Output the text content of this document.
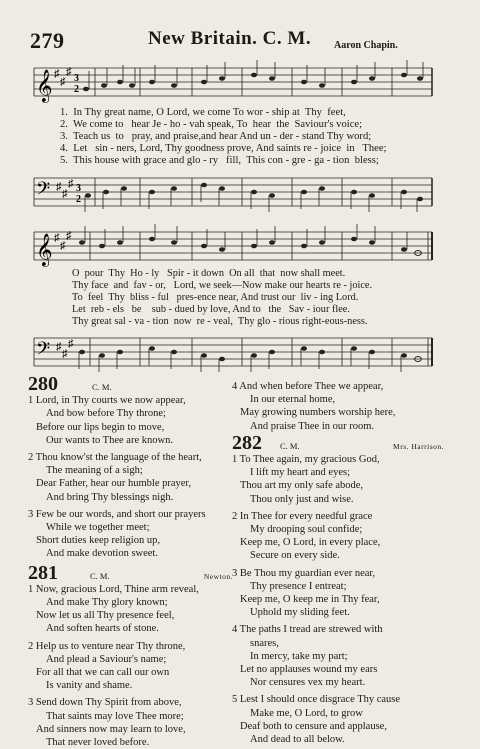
279	New Britain. C. M. Aaron Chapin.
𝄞 ♯
♯
♯
3
2
1.  In Thy great name, O Lord, we come To wor - ship at  Thy  feet,
2.  We come to   hear Je - ho - vah speak, To  hear  the  Saviour's voice;
3.  Teach us  to   pray, and praise,and hear And un - der - stand Thy word;
4.  Let   sin - ners, Lord, Thy goodness prove, And saints re - joice  in   Thee;
5.  This house with grace and glo - ry   fill,  This con - gre - ga - tion  bless;
𝄢 ♯
♯
♯ 3
2
𝄞 ♯
♯
♯
O  pour  Thy  Ho - ly   Spir - it down  On all  that  now shall meet.
Thy face  and  fav - or,   Lord, we seek—Now make our hearts re - joice.
To  feel  Thy  bliss - ful   pres-ence near, And trust our  liv - ing Lord.
Let  reb - els   be    sub - dued by love, And to   the   Sav - iour flee.
Thy great sal - va - tion  now  re - veal,  Thy glo - rious right-eous-ness.
𝄢 ♯
♯
♯
280	C. M.
1 Lord, in Thy courts we now appear,
And bow before Thy throne;
Before our lips begin to move,
Our wants to Thee are known.
2 Thou know'st the language of the heart,
The meaning of a sigh;
Dear Father, hear our humble prayer,
And bring Thy blessings nigh.
3 Few be our words, and short our prayers
While we together meet;
Short duties keep religion up,
And make devotion sweet.
281	C. M.	Newton.
1 Now, gracious Lord, Thine arm reveal,
And make Thy glory known;
Now let us all Thy presence feel,
And soften hearts of stone.
2 Help us to venture near Thy throne,
And plead a Saviour's name;
For all that we can call our own
Is vanity and shame.
3 Send down Thy Spirit from above,
That saints may love Thee more;
And sinners now may learn to love,
That never loved before.
4 And when before Thee we appear,
In our eternal home,
May growing numbers worship here,
And praise Thee in our room.
282 C. M.	Mrs. Harrison.
1 To Thee again, my gracious God,
I lift my heart and eyes;
Thou art my only safe abode,
Thou only just and wise.
2 In Thee for every needful grace
My drooping soul confide;
Keep me, O Lord, in every place,
Secure on every side.
3 Be Thou my guardian ever near,
Thy presence I entreat;
Keep me, O keep me in Thy fear,
Uphold my sliding feet.
4 The paths I tread are strewed with
snares,
In mercy, take my part;
Let no applauses wound my ears
Nor censures vex my heart.
5 Lest I should once disgrace Thy cause
Make me, O Lord, to grow
Deaf both to censure and applause,
And dead to all below.
